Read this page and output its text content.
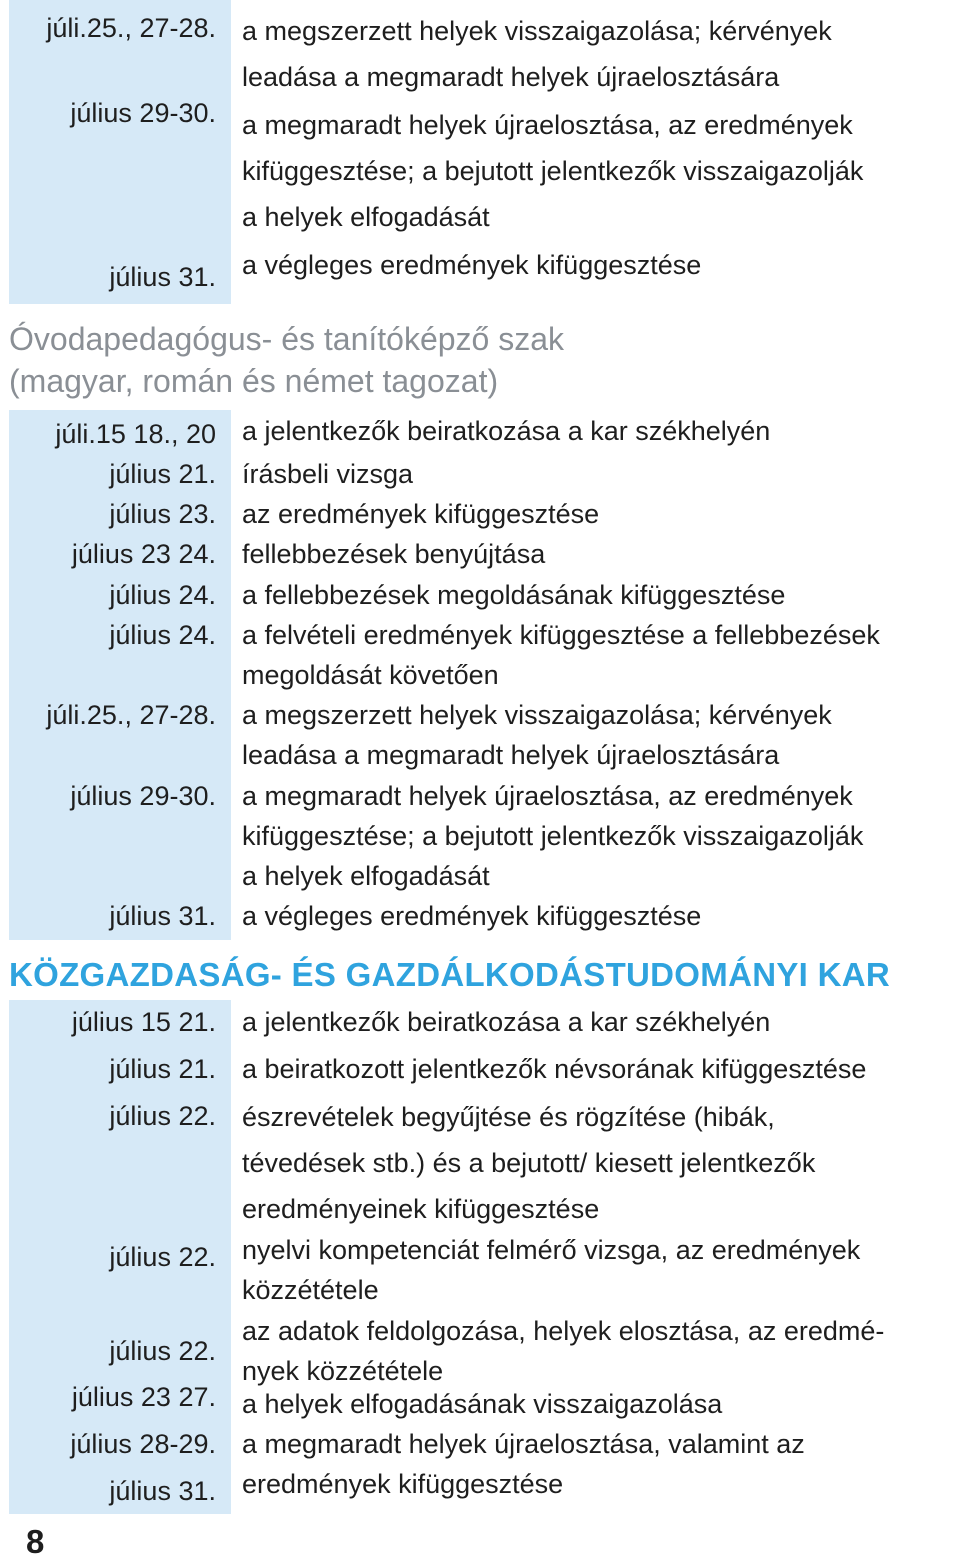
júli.25., 27-28. a megszerzett helyek visszaigazolása; kérvények
leadása a megmaradt helyek újraelosztására
július 29-30. a megmaradt helyek újraelosztása, az eredmények
kifüggesztése; a bejutott jelentkezők visszaigazolják
a helyek elfogadását
július 31. a végleges eredmények kifüggesztése
Óvodapedagógus- és tanítóképző szak
(magyar, román és német tagozat)
júli.15 18., 20 a jelentkezők beiratkozása a kar székhelyén
július 21. írásbeli vizsga
július 23. az eredmények kifüggesztése
július 23 24. fellebbezések benyújtása
július 24. a fellebbezések megoldásának kifüggesztése
július 24. a felvételi eredmények kifüggesztése a fellebbezések
megoldását követően
júli.25., 27-28. a megszerzett helyek visszaigazolása; kérvények
leadása a megmaradt helyek újraelosztására
július 29-30. a megmaradt helyek újraelosztása, az eredmények
kifüggesztése; a bejutott jelentkezők visszaigazolják
a helyek elfogadását
július 31. a végleges eredmények kifüggesztése
KÖZGAZDASÁG- ÉS GAZDÁLKODÁSTUDOMÁNYI KAR
július 15 21. a jelentkezők beiratkozása a kar székhelyén
július 21. a beiratkozott jelentkezők névsorának kifüggesztése
július 22. észrevételek begyűjtése és rögzítése (hibák,
tévedések stb.) és a bejutott/ kiesett jelentkezők
eredményeinek kifüggesztése
július 22. nyelvi kompetenciát felmérő vizsga, az eredmények
közzététele
július 22.
az adatok feldolgozása, helyek elosztása, az eredmé-
nyek közzététele
július 23 27. a helyek elfogadásának visszaigazolása
július 28-29. a megmaradt helyek újraelosztása, valamint az
július 31. eredmények kifüggesztése
8
